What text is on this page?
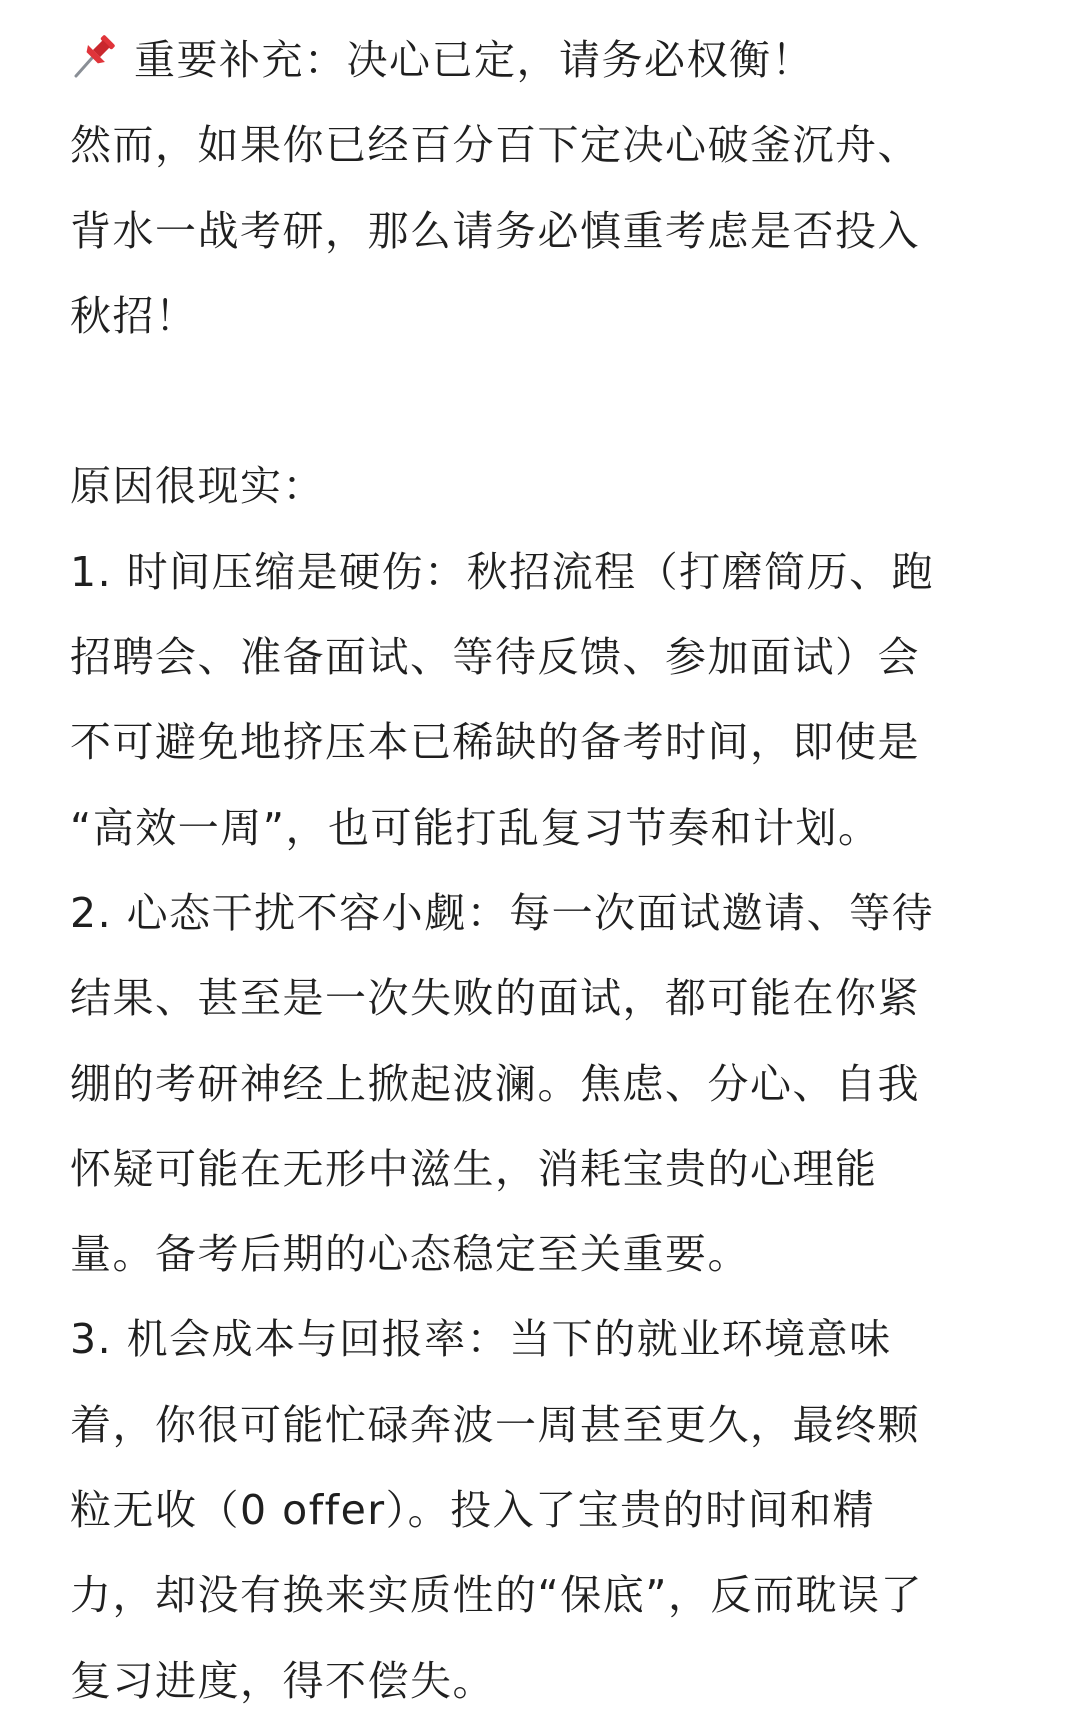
重要补充：决心已定，请务必权衡！
然而，如果你已经百分百下定决心破釜沉舟、
背水一战考研，那么请务必慎重考虑是否投入
秋招！
原因很现实：
1. 时间压缩是硬伤：秋招流程（打磨简历、跑
招聘会、准备面试、等待反馈、参加面试）会
不可避免地挤压本已稀缺的备考时间，即使是
“高效一周”，也可能打乱复习节奏和计划。
2. 心态干扰不容小觑：每一次面试邀请、等待
结果、甚至是一次失败的面试，都可能在你紧
绷的考研神经上掀起波澜。焦虑、分心、自我
怀疑可能在无形中滋生，消耗宝贵的心理能
量。备考后期的心态稳定至关重要。
3. 机会成本与回报率：当下的就业环境意味
着，你很可能忙碌奔波一周甚至更久，最终颗
粒无收（0 offer）。投入了宝贵的时间和精
力，却没有换来实质性的“保底”，反而耽误了
复习进度，得不偿失。
